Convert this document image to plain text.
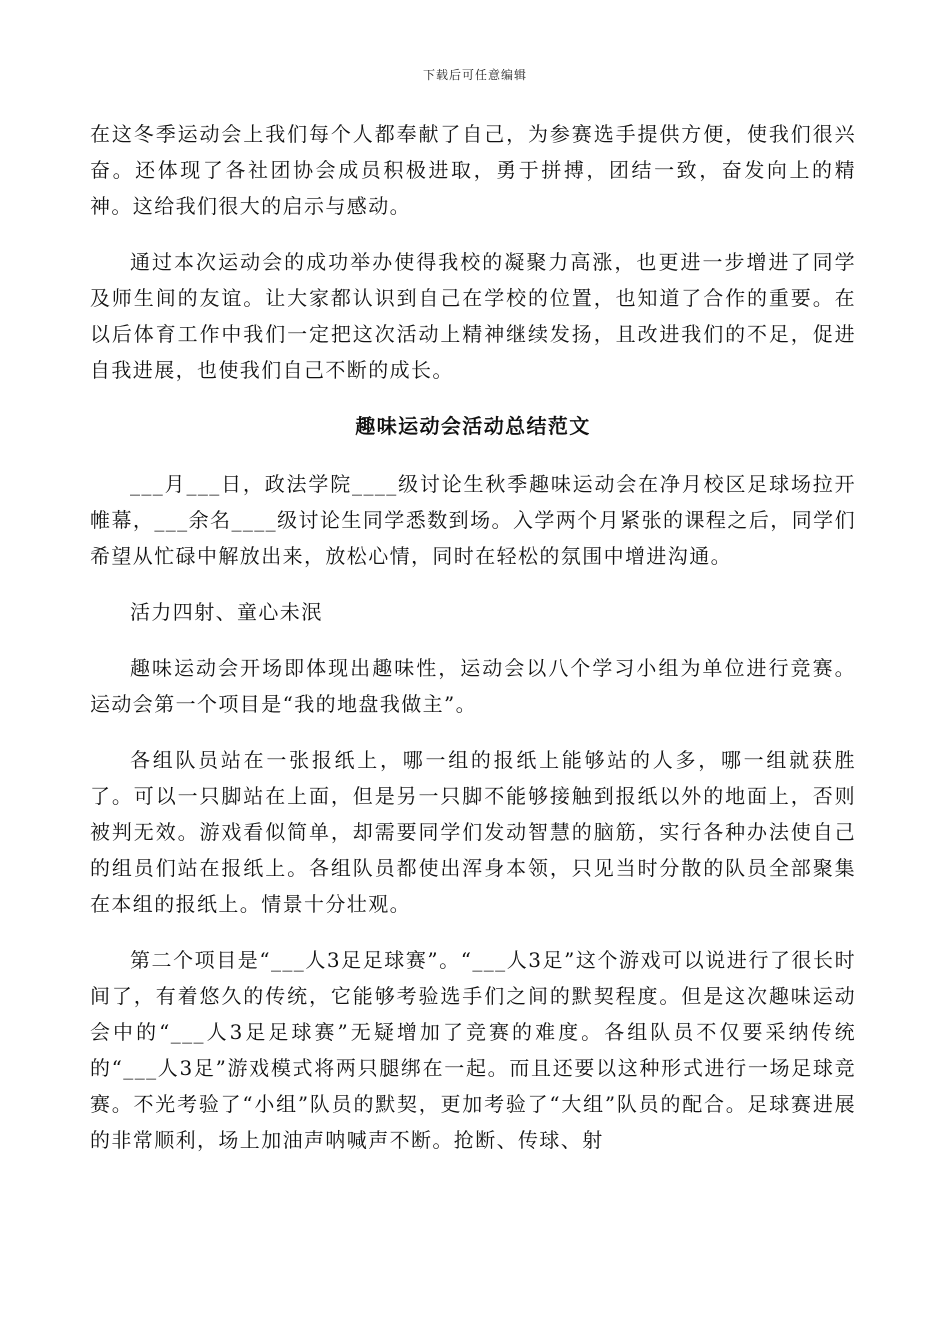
下载后可任意编辑

在这冬季运动会上我们每个人都奉献了自己，为参赛选手提供方便，使我们很兴奋。还体现了各社团协会成员积极进取，勇于拼搏，团结一致，奋发向上的精神。这给我们很大的启示与感动。

通过本次运动会的成功举办使得我校的凝聚力高涨，也更进一步增进了同学及师生间的友谊。让大家都认识到自己在学校的位置，也知道了合作的重要。在以后体育工作中我们一定把这次活动上精神继续发扬，且改进我们的不足，促进自我进展，也使我们自己不断的成长。

趣味运动会活动总结范文

___月___日，政法学院____级讨论生秋季趣味运动会在净月校区足球场拉开帷幕，___余名____级讨论生同学悉数到场。入学两个月紧张的课程之后，同学们希望从忙碌中解放出来，放松心情，同时在轻松的氛围中增进沟通。

活力四射、童心未泯

趣味运动会开场即体现出趣味性，运动会以八个学习小组为单位进行竞赛。运动会第一个项目是“我的地盘我做主”。

各组队员站在一张报纸上，哪一组的报纸上能够站的人多，哪一组就获胜了。可以一只脚站在上面，但是另一只脚不能够接触到报纸以外的地面上，否则被判无效。游戏看似简单，却需要同学们发动智慧的脑筋，实行各种办法使自己的组员们站在报纸上。各组队员都使出浑身本领，只见当时分散的队员全部聚集在本组的报纸上。情景十分壮观。

第二个项目是“___人3足足球赛”。“___人3足”这个游戏可以说进行了很长时间了，有着悠久的传统，它能够考验选手们之间的默契程度。但是这次趣味运动会中的“___人3足足球赛”无疑增加了竞赛的难度。各组队员不仅要采纳传统的“___人3足”游戏模式将两只腿绑在一起。而且还要以这种形式进行一场足球竞赛。不光考验了“小组”队员的默契，更加考验了“大组”队员的配合。足球赛进展的非常顺利，场上加油声呐喊声不断。抢断、传球、射
